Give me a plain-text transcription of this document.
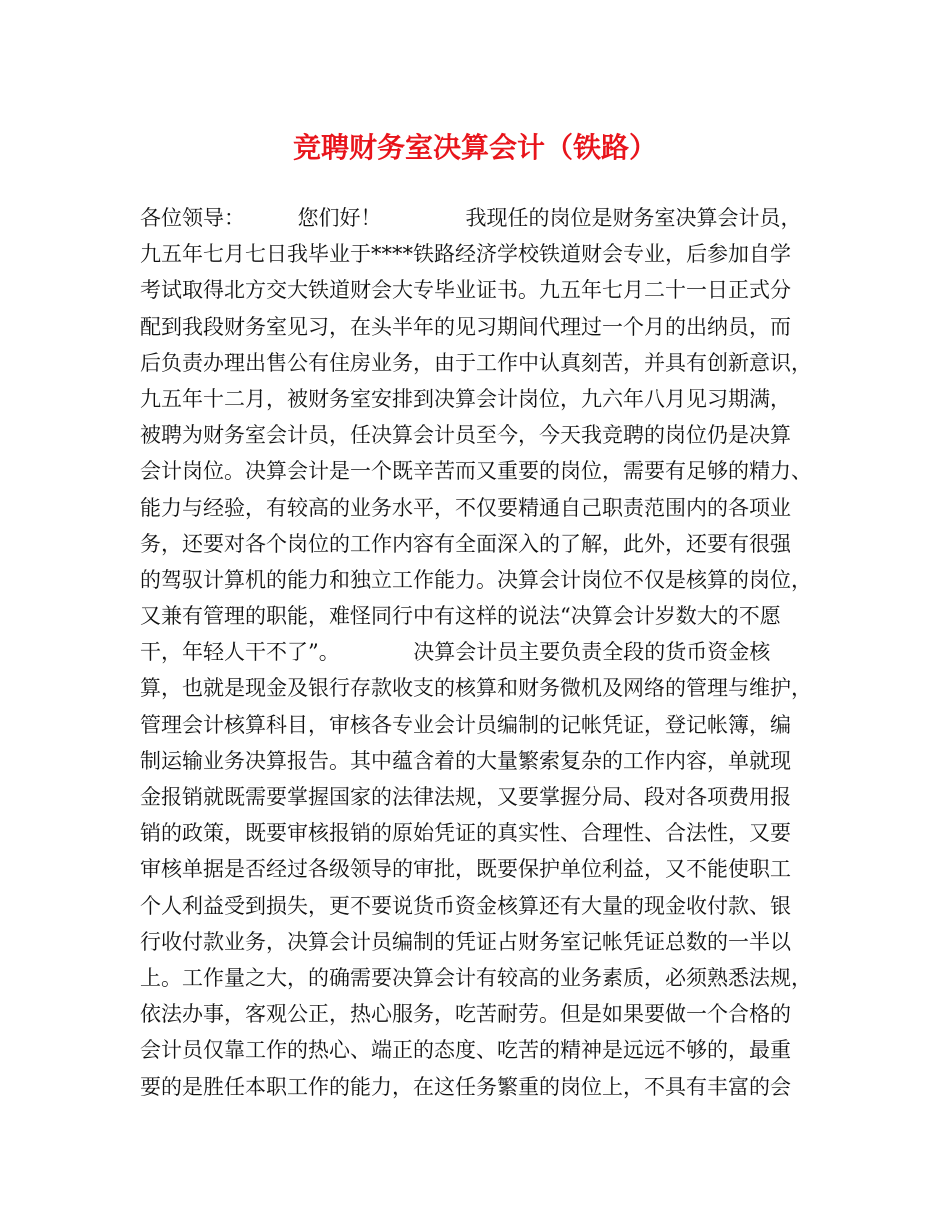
竞聘财务室决算会计（铁路）
各位领导：　　　您们好！　　　　我现任的岗位是财务室决算会计员，
九五年七月七日我毕业于****铁路经济学校铁道财会专业，后参加自学
考试取得北方交大铁道财会大专毕业证书。九五年七月二十一日正式分
配到我段财务室见习，在头半年的见习期间代理过一个月的出纳员，而
后负责办理出售公有住房业务，由于工作中认真刻苦，并具有创新意识，
九五年十二月，被财务室安排到决算会计岗位，九六年八月见习期满，
被聘为财务室会计员，任决算会计员至今，今天我竞聘的岗位仍是决算
会计岗位。决算会计是一个既辛苦而又重要的岗位，需要有足够的精力、
能力与经验，有较高的业务水平，不仅要精通自己职责范围内的各项业
务，还要对各个岗位的工作内容有全面深入的了解，此外，还要有很强
的驾驭计算机的能力和独立工作能力。决算会计岗位不仅是核算的岗位，
又兼有管理的职能，难怪同行中有这样的说法“决算会计岁数大的不愿
干，年轻人干不了”。　　　　决算会计员主要负责全段的货币资金核
算，也就是现金及银行存款收支的核算和财务微机及网络的管理与维护，
管理会计核算科目，审核各专业会计员编制的记帐凭证，登记帐簿，编
制运输业务决算报告。其中蕴含着的大量繁索复杂的工作内容，单就现
金报销就既需要掌握国家的法律法规，又要掌握分局、段对各项费用报
销的政策，既要审核报销的原始凭证的真实性、合理性、合法性，又要
审核单据是否经过各级领导的审批，既要保护单位利益，又不能使职工
个人利益受到损失，更不要说货币资金核算还有大量的现金收付款、银
行收付款业务，决算会计员编制的凭证占财务室记帐凭证总数的一半以
上。工作量之大，的确需要决算会计有较高的业务素质，必须熟悉法规，
依法办事，客观公正，热心服务，吃苦耐劳。但是如果要做一个合格的
会计员仅靠工作的热心、端正的态度、吃苦的精神是远远不够的，最重
要的是胜任本职工作的能力，在这任务繁重的岗位上，不具有丰富的会
